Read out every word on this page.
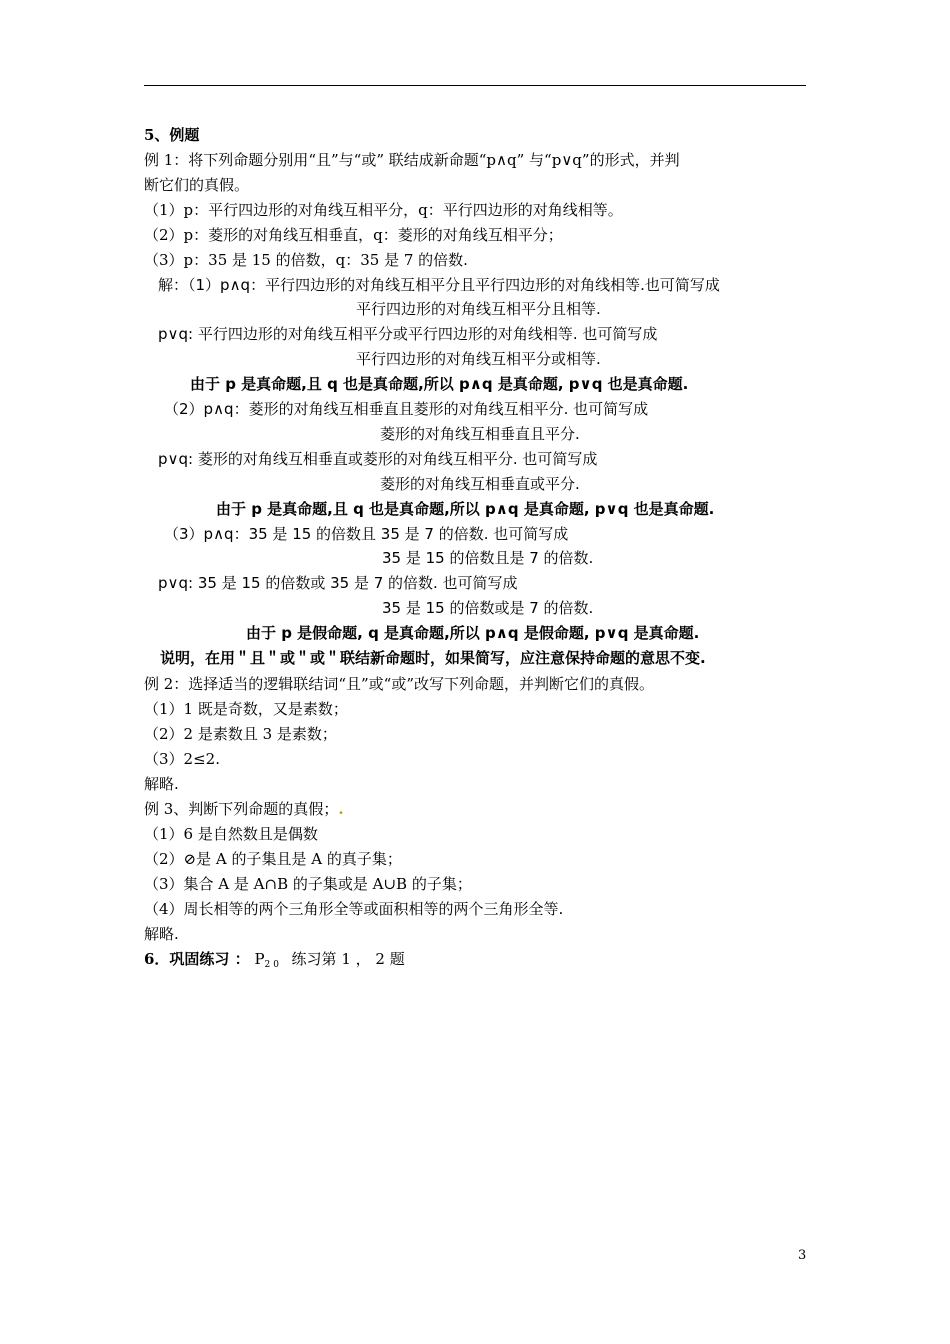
5、例题
例 1：将下列命题分别用“且”与“或” 联结成新命题“p∧q” 与“p∨q”的形式，并判
断它们的真假。
（1）p：平行四边形的对角线互相平分，q：平行四边形的对角线相等。
（2）p：菱形的对角线互相垂直，q：菱形的对角线互相平分；
（3）p：35 是 15 的倍数，q：35 是 7 的倍数.
解：（1）p∧q：平行四边形的对角线互相平分且平行四边形的对角线相等.也可简写成
平行四边形的对角线互相平分且相等.
p∨q: 平行四边形的对角线互相平分或平行四边形的对角线相等. 也可简写成
平行四边形的对角线互相平分或相等.
由于 p 是真命题,且 q 也是真命题,所以 p∧q 是真命题, p∨q 也是真命题.
（2）p∧q：菱形的对角线互相垂直且菱形的对角线互相平分. 也可简写成
菱形的对角线互相垂直且平分.
p∨q: 菱形的对角线互相垂直或菱形的对角线互相平分. 也可简写成
菱形的对角线互相垂直或平分.
由于 p 是真命题,且 q 也是真命题,所以 p∧q 是真命题, p∨q 也是真命题.
（3）p∧q：35 是 15 的倍数且 35 是 7 的倍数. 也可简写成
35 是 15 的倍数且是 7 的倍数.
p∨q: 35 是 15 的倍数或 35 是 7 的倍数. 也可简写成
35 是 15 的倍数或是 7 的倍数.
由于 p 是假命题, q 是真命题,所以 p∧q 是假命题, p∨q 是真命题.
说明，在用＂且＂或＂或＂联结新命题时，如果简写，应注意保持命题的意思不变.
例 2：选择适当的逻辑联结词“且”或“或”改写下列命题，并判断它们的真假。
（1）1 既是奇数，又是素数；
（2）2 是素数且 3 是素数；
（3）2≤2.
解略.
例 3、判断下列命题的真假；.
（1）6 是自然数且是偶数
（2）⊘是 A 的子集且是 A 的真子集；
（3）集合 A 是 A∩B 的子集或是 A∪B 的子集；
（4）周长相等的两个三角形全等或面积相等的两个三角形全等.
解略.
6．巩固练习 ： $P_{20}$ 练习第 1 ， 2 题
3
